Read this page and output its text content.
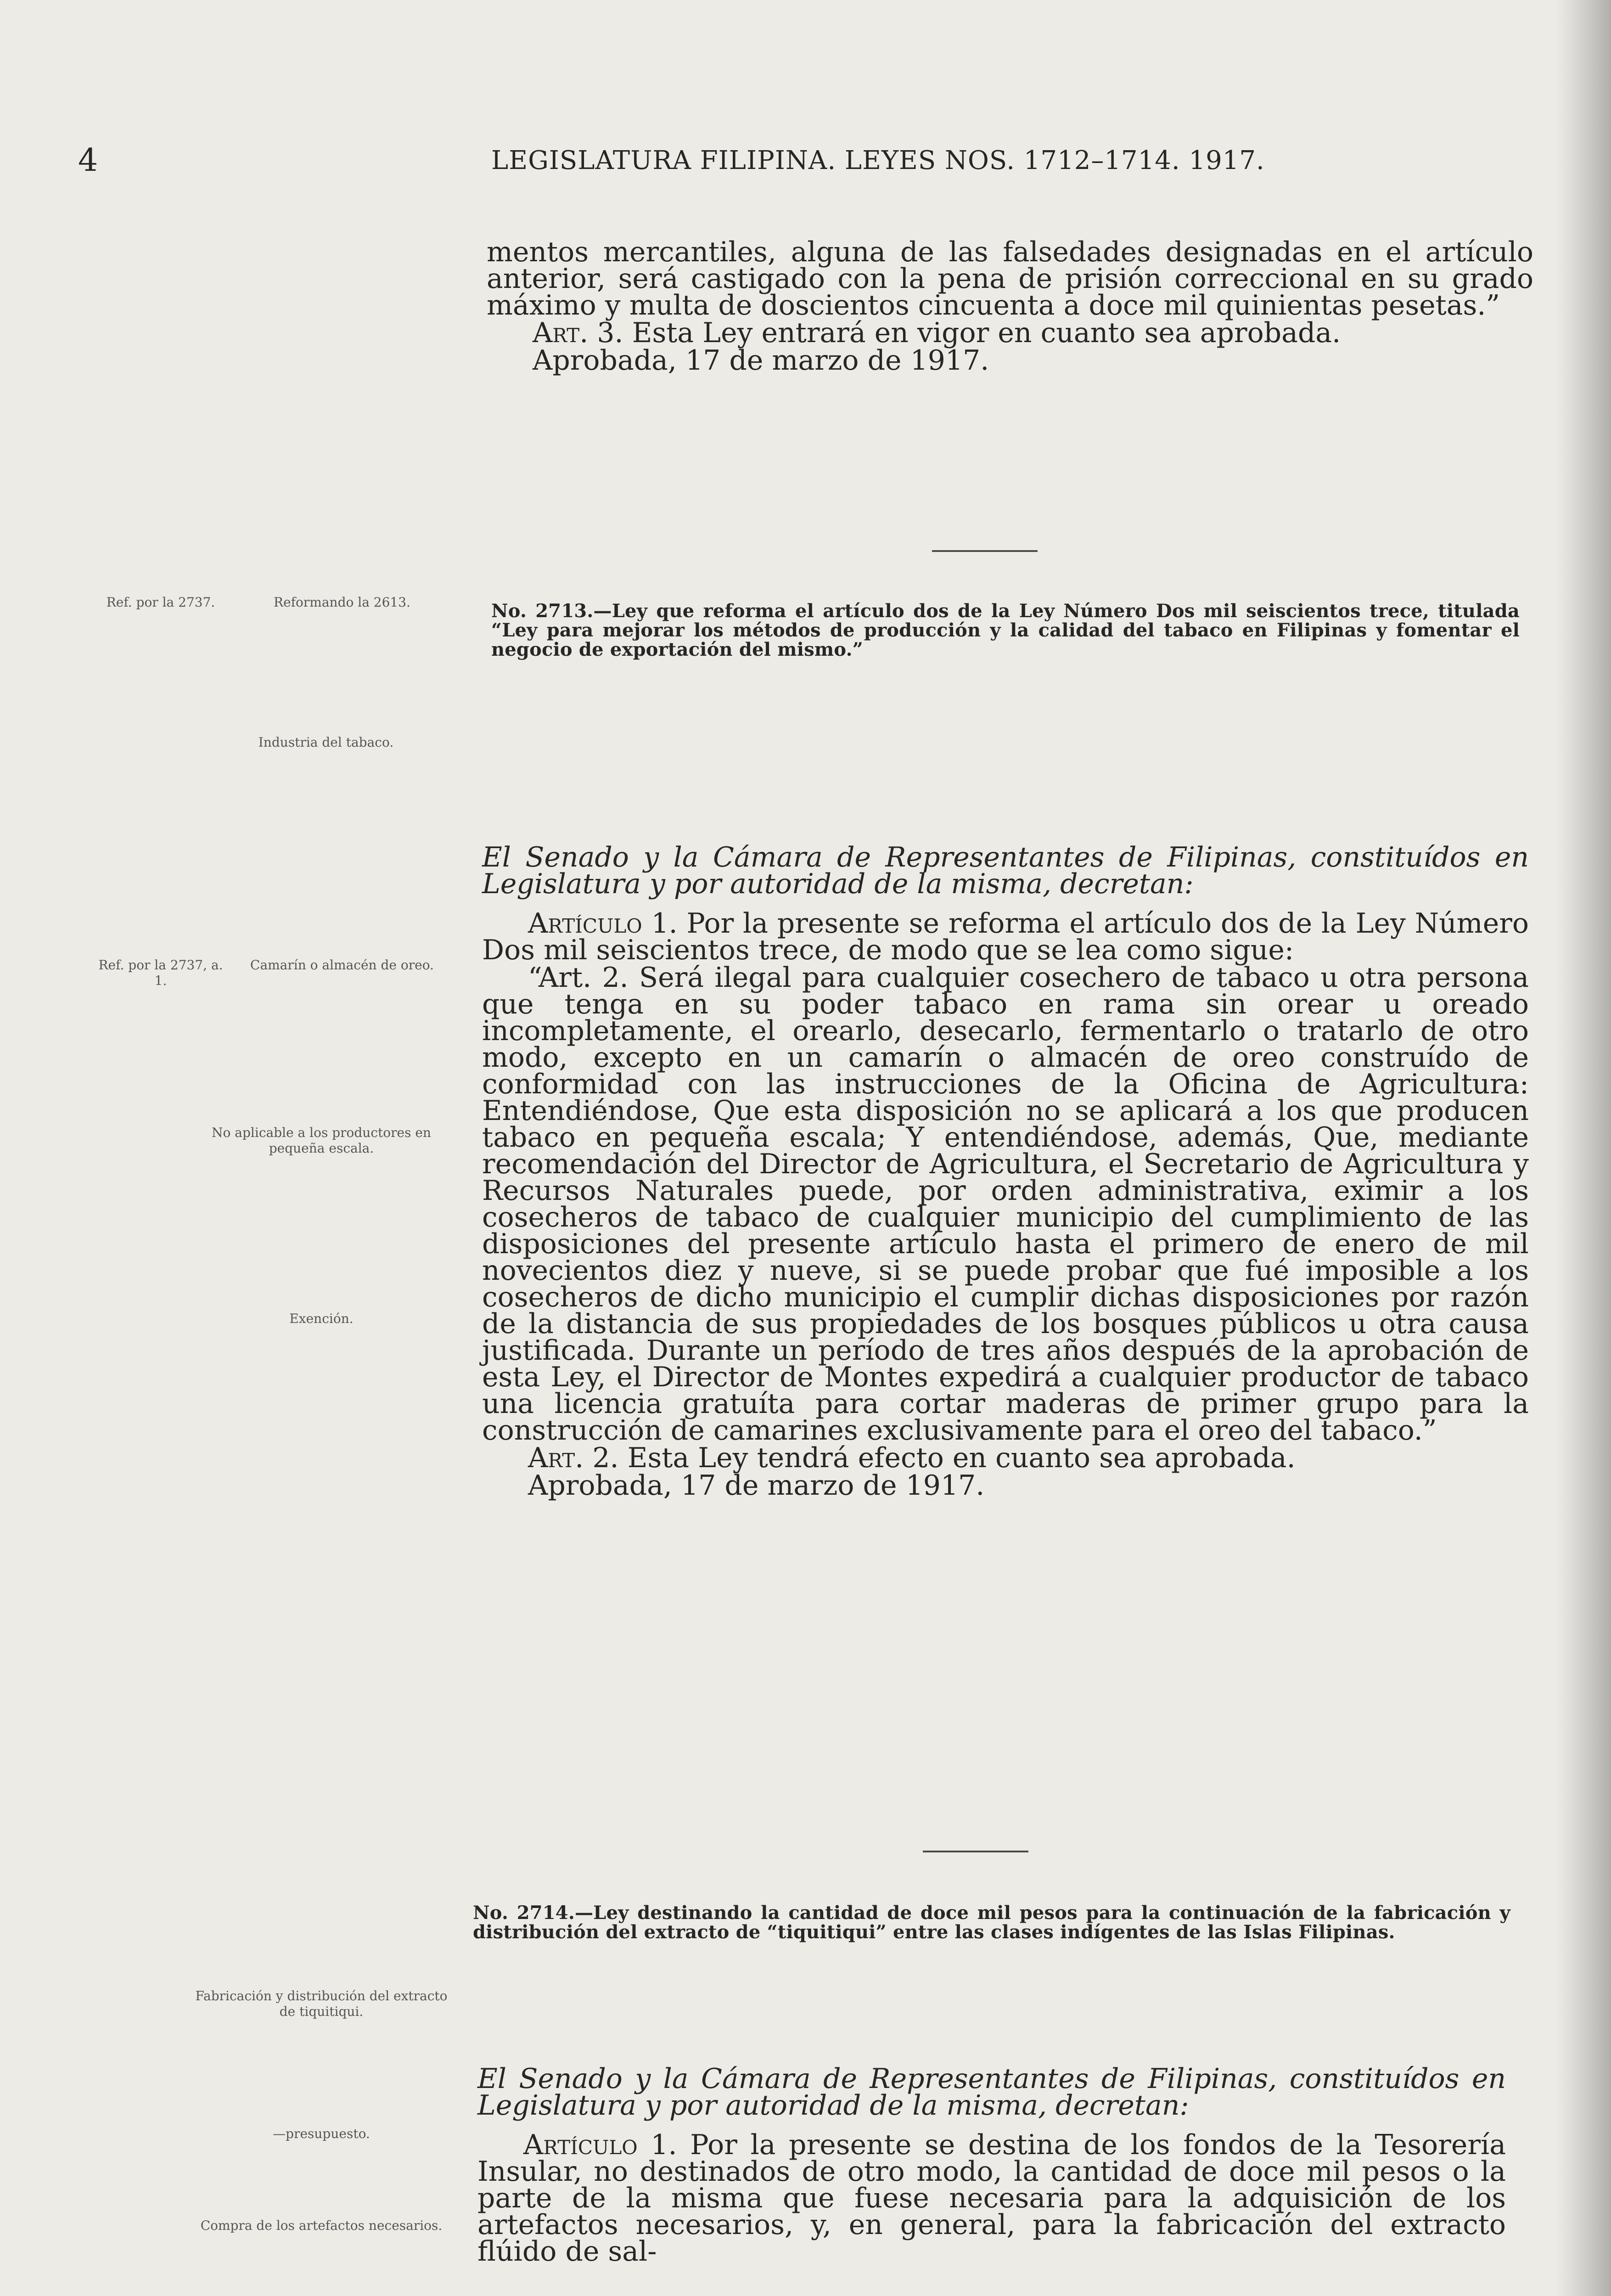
4	LEGISLATURA FILIPINA. LEYES NOS. 1712–1714. 1917.

mentos mercantiles, alguna de las falsedades designadas en el artículo anterior, será castigado con la pena de prisión correccional en su grado máximo y multa de doscientos cincuenta a doce mil quinientas pesetas.”

Art. 3. Esta Ley entrará en vigor en cuanto sea aprobada.

Aprobada, 17 de marzo de 1917.

Ref. por la 2737.	Reformando la 2613.	No. 2713.—Ley que reforma el artículo dos de la Ley Número Dos mil seiscientos trece, titulada “Ley para mejorar los métodos de producción y la calidad del tabaco en Filipinas y fomentar el negocio de exportación del mismo.”
Industria del tabaco.

El Senado y la Cámara de Representantes de Filipinas, constituídos en Legislatura y por autoridad de la misma, decretan:

Artículo 1. Por la presente se reforma el artículo dos de la Ley Número Dos mil seiscientos trece, de modo que se lea como sigue:

“Art. 2. Será ilegal para cualquier cosechero de tabaco u otra persona que tenga en su poder tabaco en rama sin orear u oreado incompletamente, el orearlo, desecarlo, fermentarlo o tratarlo de otro modo, excepto en un camarín o almacén de oreo construído de conformidad con las instrucciones de la Oficina de Agricultura: Entendiéndose, Que esta disposición no se aplicará a los que producen tabaco en pequeña escala; Y entendiéndose, además, Que, mediante recomendación del Director de Agricultura, el Secretario de Agricultura y Recursos Naturales puede, por orden administrativa, eximir a los cosecheros de tabaco de cualquier municipio del cumplimiento de las disposiciones del presente artículo hasta el primero de enero de mil novecientos diez y nueve, si se puede probar que fué imposible a los cosecheros de dicho municipio el cumplir dichas disposiciones por razón de la distancia de sus propiedades de los bosques públicos u otra causa justificada. Durante un período de tres años después de la aprobación de esta Ley, el Director de Montes expedirá a cualquier productor de tabaco una licencia gratuíta para cortar maderas de primer grupo para la construcción de camarines exclusivamente para el oreo del tabaco.”

Art. 2. Esta Ley tendrá efecto en cuanto sea aprobada.

Aprobada, 17 de marzo de 1917.

Ref. por la 2737, a. 1.
Camarín o almacén de oreo.
No aplicable a los productores en pequeña escala.
Exención.
No. 2714.—Ley destinando la cantidad de doce mil pesos para la continuación de la fabricación y distribución del extracto de “tiquitiqui” entre las clases indígentes de las Islas Filipinas.
Fabricación y distribución del extracto de tiquitiqui.
—presupuesto.
Compra de los artefactos necesarios.

El Senado y la Cámara de Representantes de Filipinas, constituídos en Legislatura y por autoridad de la misma, decretan:

Artículo 1. Por la presente se destina de los fondos de la Tesorería Insular, no destinados de otro modo, la cantidad de doce mil pesos o la parte de la misma que fuese necesaria para la adquisición de los artefactos necesarios, y, en general, para la fabricación del extracto flúido de sal-
